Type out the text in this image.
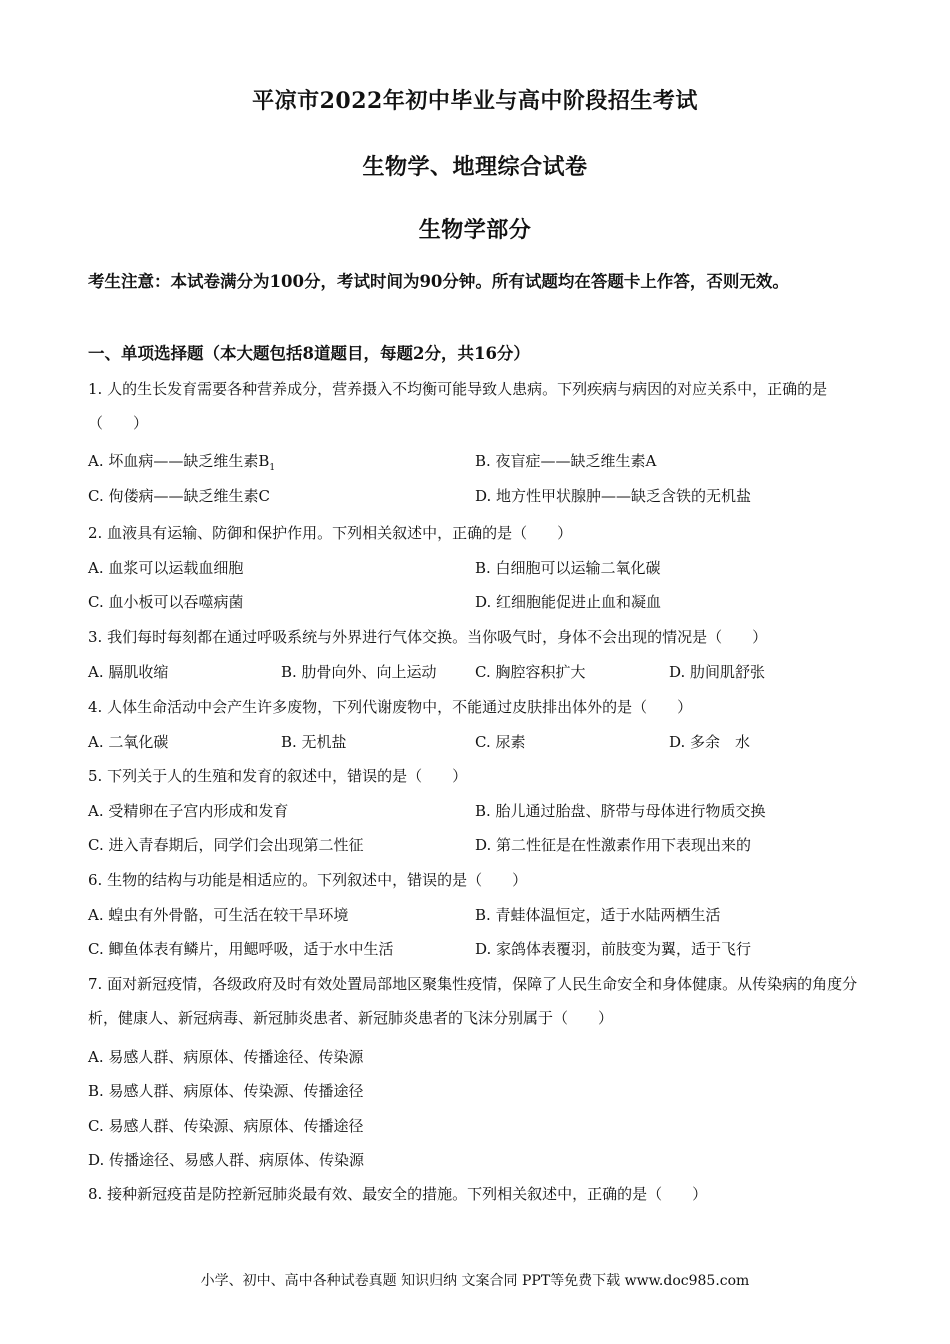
平凉市2022年初中毕业与高中阶段招生考试
生物学、地理综合试卷
生物学部分
考生注意：本试卷满分为100分，考试时间为90分钟。所有试题均在答题卡上作答，否则无效。
一、单项选择题（本大题包括8道题目，每题2分，共16分）
1. 人的生长发育需要各种营养成分，营养摄入不均衡可能导致人患病。下列疾病与病因的对应关系中，正确的是（　　）
A. 坏血病——缺乏维生素$B_1$	B. 夜盲症——缺乏维生素A
C. 佝偻病——缺乏维生素C	D. 地方性甲状腺肿——缺乏含铁的无机盐
2. 血液具有运输、防御和保护作用。下列相关叙述中，正确的是（　　）
A. 血浆可以运载血细胞	B. 白细胞可以运输二氧化碳
C. 血小板可以吞噬病菌	D. 红细胞能促进止血和凝血
3. 我们每时每刻都在通过呼吸系统与外界进行气体交换。当你吸气时，身体不会出现的情况是（　　）
A. 膈肌收缩	B. 肋骨向外、向上运动	C. 胸腔容积扩大	D. 肋间肌舒张
4. 人体生命活动中会产生许多废物，下列代谢废物中，不能通过皮肤排出体外的是（　　）
A. 二氧化碳	B. 无机盐	C. 尿素	D. 多余　水
5. 下列关于人的生殖和发育的叙述中，错误的是（　　）
A. 受精卵在子宫内形成和发育	B. 胎儿通过胎盘、脐带与母体进行物质交换
C. 进入青春期后，同学们会出现第二性征	D. 第二性征是在性激素作用下表现出来的
6. 生物的结构与功能是相适应的。下列叙述中，错误的是（　　）
A. 蝗虫有外骨骼，可生活在较干旱环境	B. 青蛙体温恒定，适于水陆两栖生活
C. 鲫鱼体表有鳞片，用鳃呼吸，适于水中生活	D. 家鸽体表覆羽，前肢变为翼，适于飞行
7. 面对新冠疫情，各级政府及时有效处置局部地区聚集性疫情，保障了人民生命安全和身体健康。从传染病的角度分析，健康人、新冠病毒、新冠肺炎患者、新冠肺炎患者的飞沫分别属于（　　）
A. 易感人群、病原体、传播途径、传染源
B. 易感人群、病原体、传染源、传播途径
C. 易感人群、传染源、病原体、传播途径
D. 传播途径、易感人群、病原体、传染源
8. 接种新冠疫苗是防控新冠肺炎最有效、最安全的措施。下列相关叙述中，正确的是（　　）
小学、初中、高中各种试卷真题 知识归纳 文案合同 PPT等免费下载 www.doc985.com
